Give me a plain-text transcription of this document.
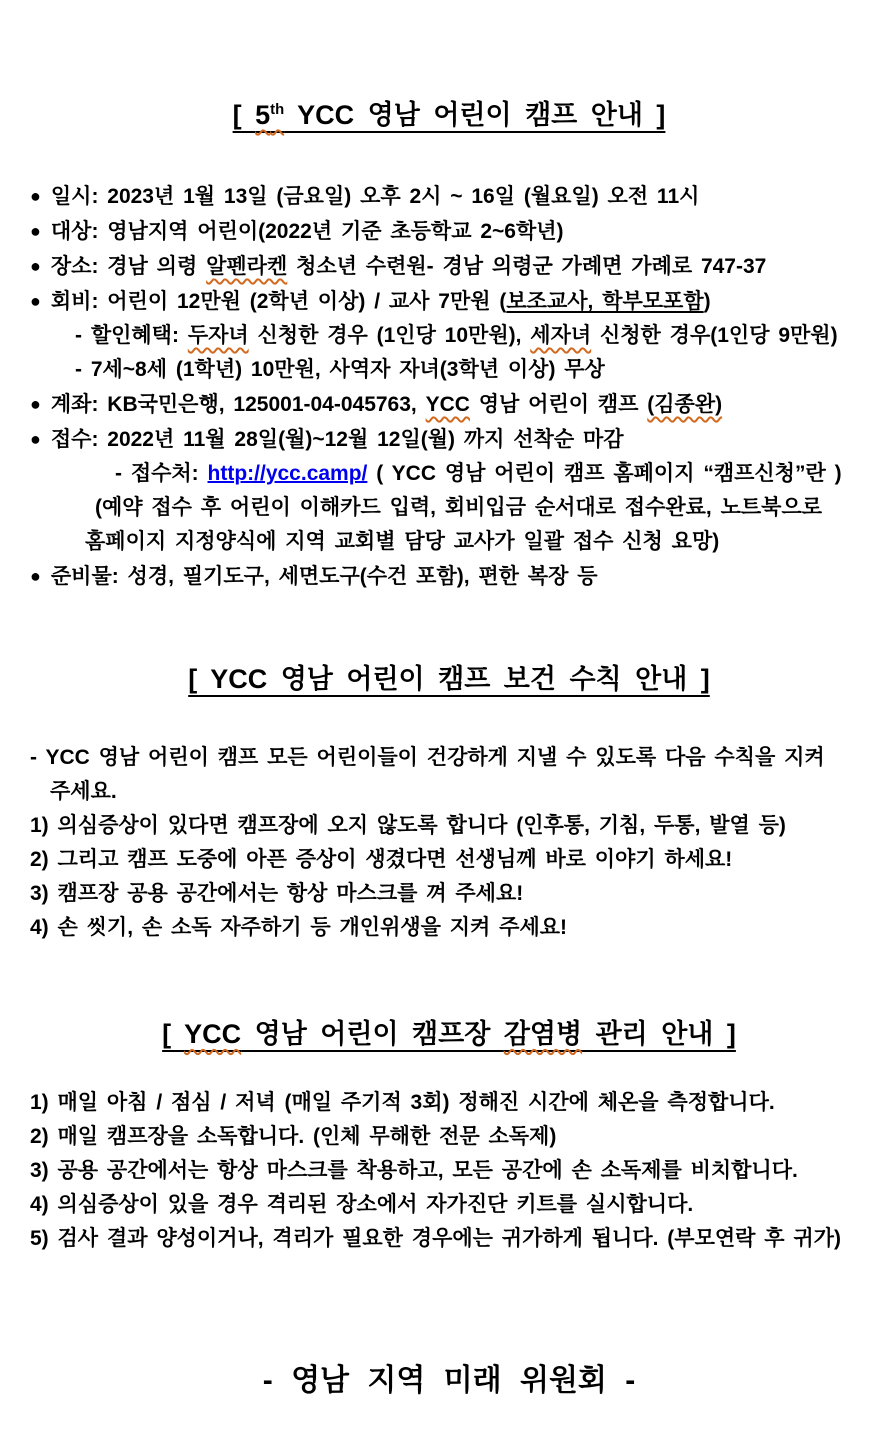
[ 5th YCC 영남 어린이 캠프 안내 ]
● 일시: 2023년 1월 13일 (금요일) 오후 2시 ~ 16일 (월요일) 오전 11시
● 대상: 영남지역 어린이(2022년 기준 초등학교 2~6학년)
● 장소: 경남 의령 알펜라켄 청소년 수련원- 경남 의령군 가례면 가례로 747-37
● 회비: 어린이 12만원 (2학년 이상) / 교사 7만원 (보조교사, 학부모포함)
- 할인혜택: 두자녀 신청한 경우 (1인당 10만원), 세자녀 신청한 경우(1인당 9만원)
- 7세~8세 (1학년) 10만원, 사역자 자녀(3학년 이상) 무상
● 계좌: KB국민은행, 125001-04-045763, YCC 영남 어린이 캠프 (김종완)
● 접수: 2022년 11월 28일(월)~12월 12일(월) 까지 선착순 마감
- 접수처: http://ycc.camp/ ( YCC 영남 어린이 캠프 홈페이지 “캠프신청”란 )
(예약 접수 후 어린이 이해카드 입력, 회비입금 순서대로 접수완료, 노트북으로
홈페이지 지정양식에 지역 교회별 담당 교사가 일괄 접수 신청 요망)
● 준비물: 성경, 필기도구, 세면도구(수건 포함), 편한 복장 등
[ YCC 영남 어린이 캠프 보건 수칙 안내 ]
- YCC 영남 어린이 캠프 모든 어린이들이 건강하게 지낼 수 있도록 다음 수칙을 지켜
주세요.
1) 의심증상이 있다면 캠프장에 오지 않도록 합니다 (인후통, 기침, 두통, 발열 등)
2) 그리고 캠프 도중에 아픈 증상이 생겼다면 선생님께 바로 이야기 하세요!
3) 캠프장 공용 공간에서는 항상 마스크를 껴 주세요!
4) 손 씻기, 손 소독 자주하기 등 개인위생을 지켜 주세요!
[ YCC 영남 어린이 캠프장 감염병 관리 안내 ]
1) 매일 아침 / 점심 / 저녁 (매일 주기적 3회) 정해진 시간에 체온을 측정합니다.
2) 매일 캠프장을 소독합니다. (인체 무해한 전문 소독제)
3) 공용 공간에서는 항상 마스크를 착용하고, 모든 공간에 손 소독제를 비치합니다.
4) 의심증상이 있을 경우 격리된 장소에서 자가진단 키트를 실시합니다.
5) 검사 결과 양성이거나, 격리가 필요한 경우에는 귀가하게 됩니다. (부모연락 후 귀가)
- 영남 지역 미래 위원회 -
